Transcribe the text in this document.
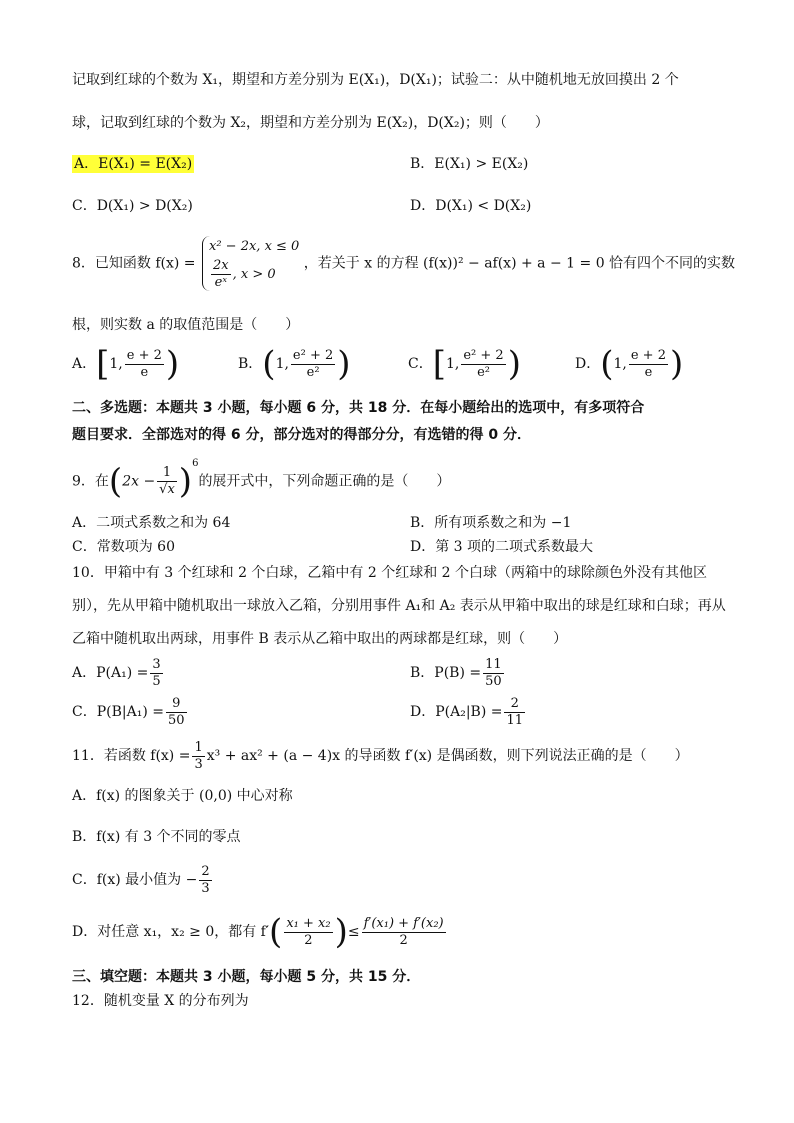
记取到红球的个数为 X₁，期望和方差分别为 E(X₁)，D(X₁)；试验二：从中随机地无放回摸出 2 个
球，记取到红球的个数为 X₂，期望和方差分别为 E(X₂)，D(X₂)；则（　　）
A．E(X₁) = E(X₂)	B．E(X₁) > E(X₂)
C．D(X₁) > D(X₂)	D．D(X₁) < D(X₂)
8．已知函数 f(x) =
x² − 2x, x ≤ 0
$\frac{2x}{\text{eˣ}}$ , x > 0
，若关于 x 的方程 (f(x))² − af(x) + a − 1 = 0 恰有四个不同的实数
根，则实数 a 的取值范围是（　　）
A．[1, $\frac{e + 2}{e}$ )	B．(1, $\frac{\text{e² + 2}}{\text{e²}}$ )	C．[1, $\frac{\text{e² + 2}}{\text{e²}}$ )	D．(1, $\frac{e + 2}{e}$ )
二、多选题：本题共 3 小题，每小题 6 分，共 18 分．在每小题给出的选项中，有多项符合
题目要求．全部选对的得 6 分，部分选对的得部分分，有选错的得 0 分．
9．在$(2x - \frac{1}{√x} )^6$的展开式中，下列命题正确的是（　　）
A．二项式系数之和为 64	B．所有项系数之和为 −1
C．常数项为 60	D．第 3 项的二项式系数最大
10．甲箱中有 3 个红球和 2 个白球，乙箱中有 2 个红球和 2 个白球（两箱中的球除颜色外没有其他区
别），先从甲箱中随机取出一球放入乙箱，分别用事件 A₁和 A₂ 表示从甲箱中取出的球是红球和白球；再从
乙箱中随机取出两球，用事件 B 表示从乙箱中取出的两球都是红球，则（　　）
A．$P(A_1) = \frac{3}{5}$	B．$P(B) = \frac{11}{50}$
C．$P(B|A_1) = \frac{9}{50}$	D．$P(A_2|B) = \frac{2}{11}$
11．若函数 $f(x) = \frac{1}{3} x^3 + ax^2 + (a - 4)x$ 的导函数 f′(x) 是偶函数，则下列说法正确的是（　　）
A．f(x) 的图象关于 (0,0) 中心对称
B．f(x) 有 3 个不同的零点
C．f(x) 最小值为 − $\frac{2}{3}$
D．对任意 x₁，x₂ ≥ 0，都有 $f'( \frac{\text{x₁ + x₂}}{2}$ )≤ $\frac{\text{f′(x₁) + f′(x₂)}}{2}$
三、填空题：本题共 3 小题，每小题 5 分，共 15 分．
12．随机变量 X 的分布列为
